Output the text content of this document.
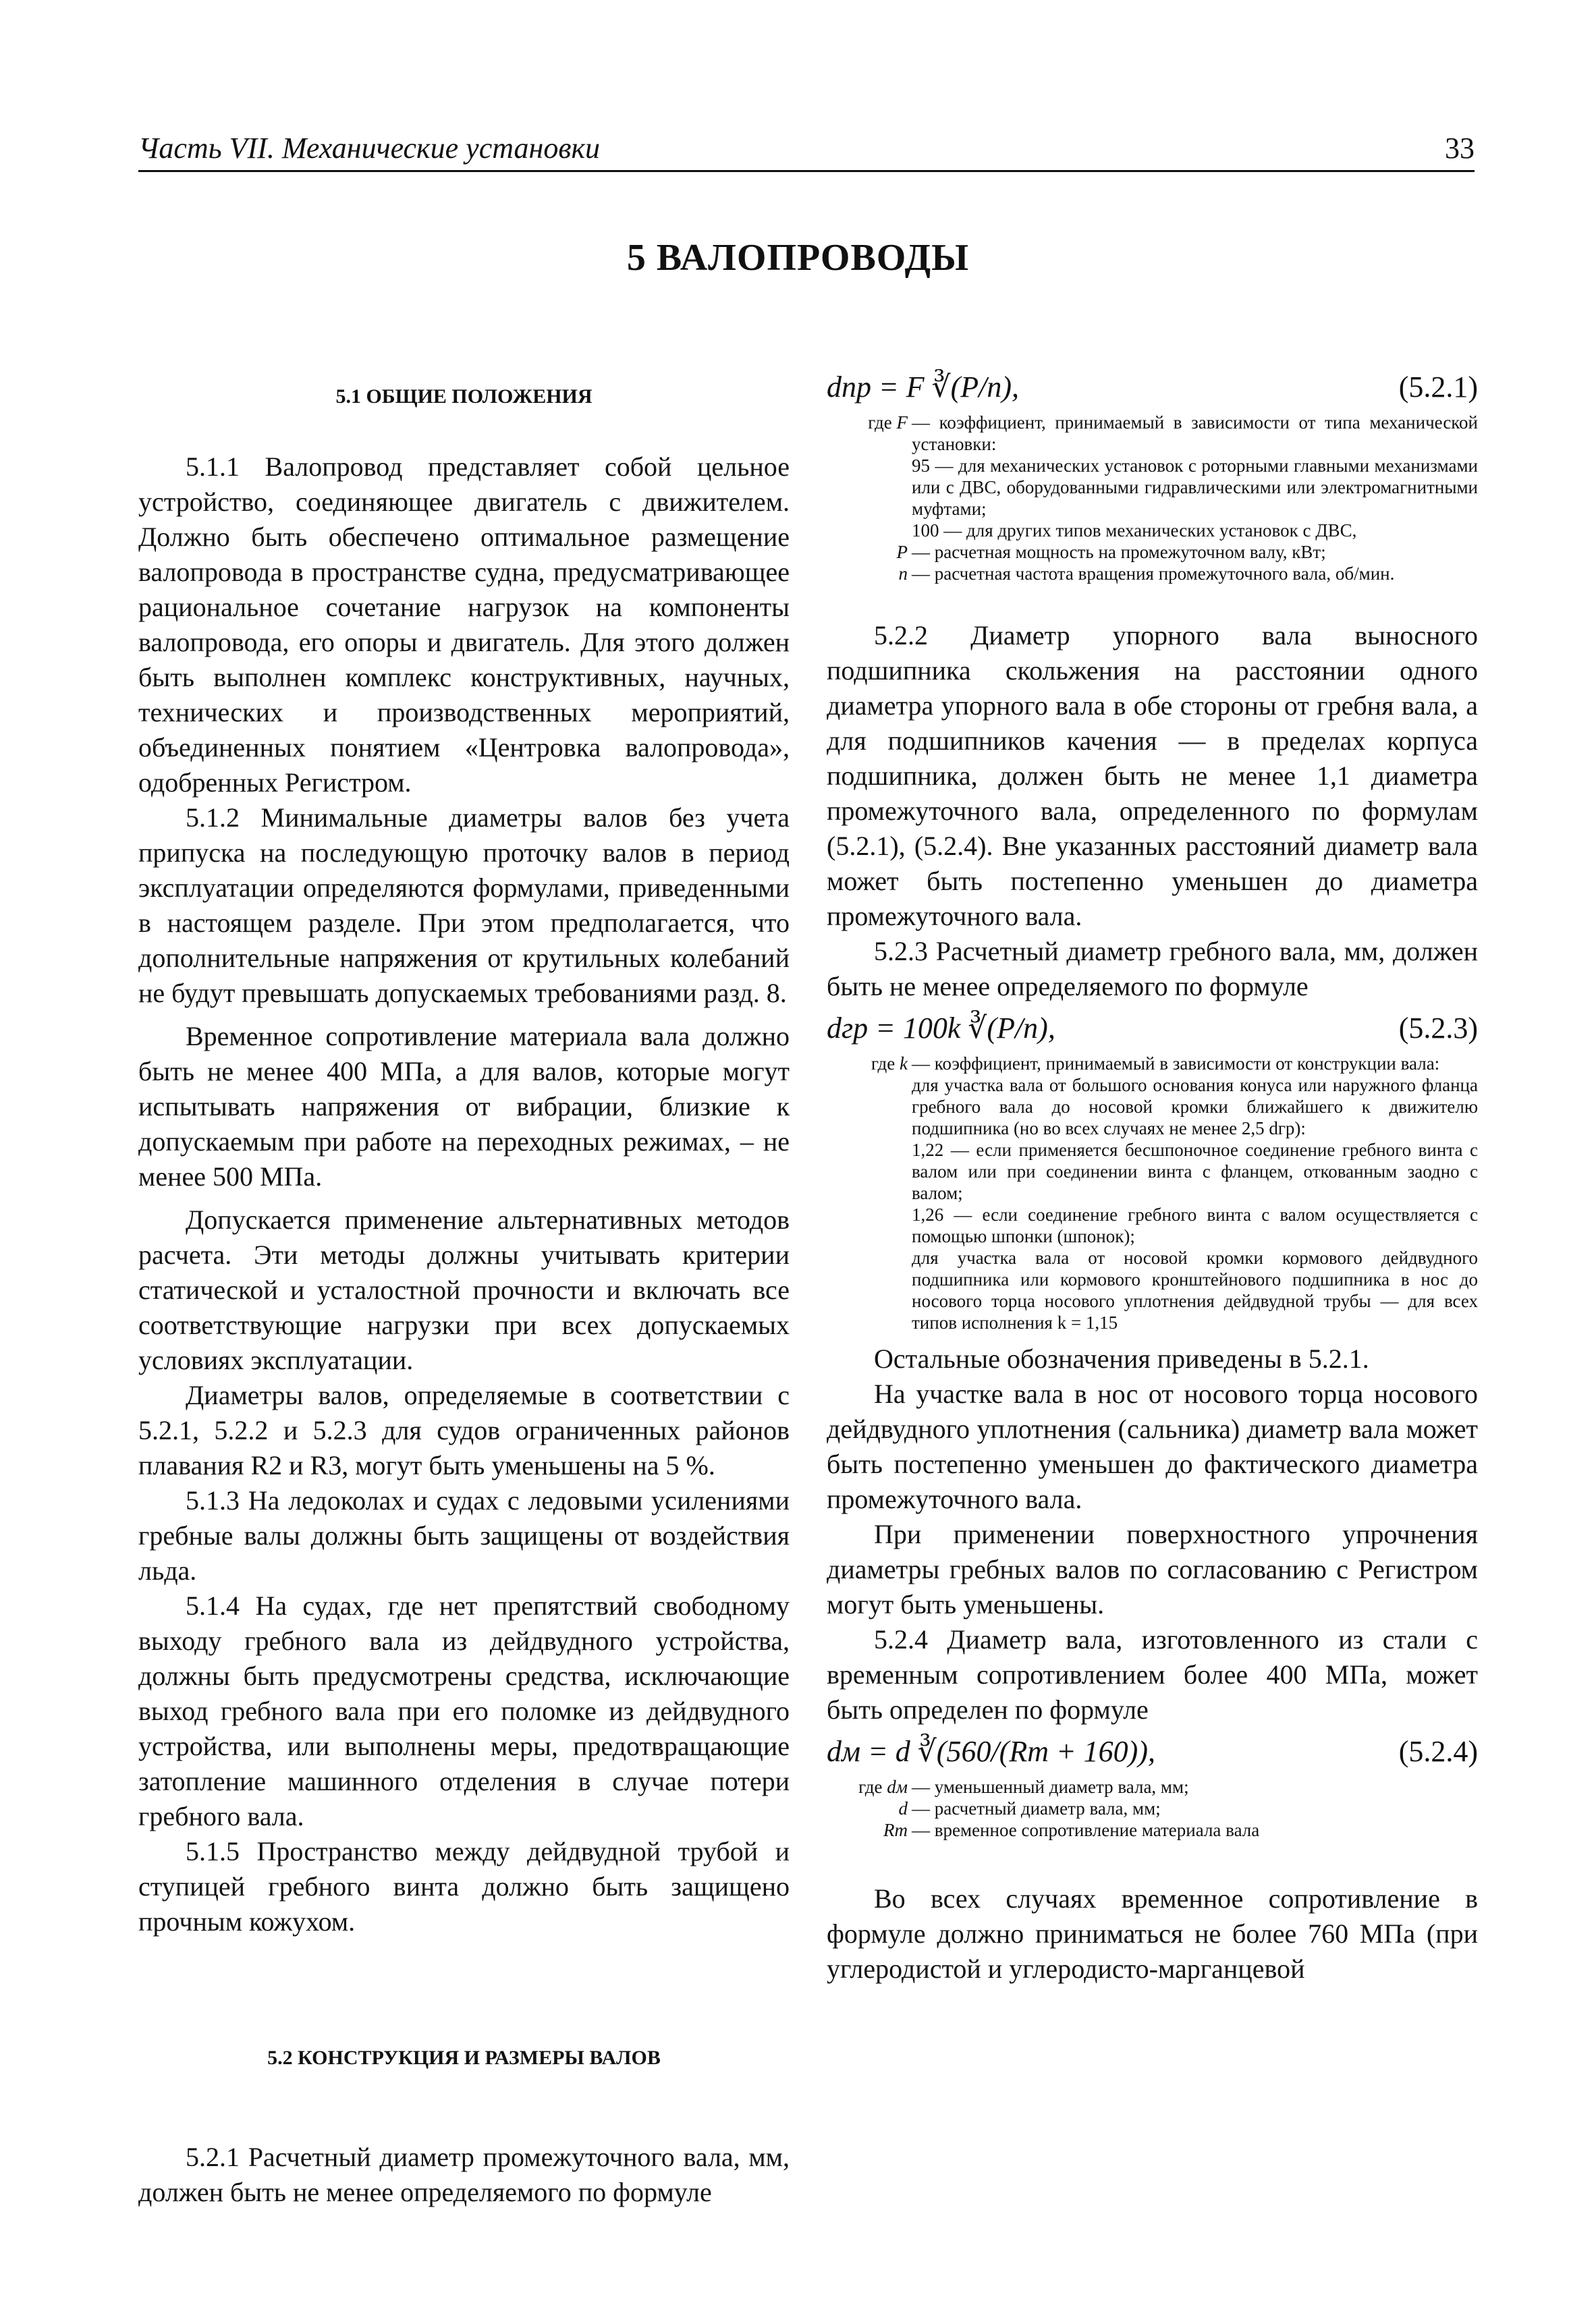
Часть VII. Механические установки	33
5 ВАЛОПРОВОДЫ
5.1 ОБЩИЕ ПОЛОЖЕНИЯ

5.1.1 Валопровод представляет собой цельное устройство, соединяющее двигатель с движителем. Должно быть обеспечено оптимальное размещение валопровода в пространстве судна, предусматривающее рациональное сочетание нагрузок на компоненты валопровода, его опоры и двигатель. Для этого должен быть выполнен комплекс конструктивных, научных, технических и производственных мероприятий, объединенных понятием «Центровка валопровода», одобренных Регистром.

5.1.2 Минимальные диаметры валов без учета припуска на последующую проточку валов в период эксплуатации определяются формулами, приведенными в настоящем разделе. При этом предполагается, что дополнительные напряжения от крутильных колебаний не будут превышать допускаемых требованиями разд. 8.

Временное сопротивление материала вала должно быть не менее 400 МПа, а для валов, которые могут испытывать напряжения от вибрации, близкие к допускаемым при работе на переходных режимах, – не менее 500 МПа.

Допускается применение альтернативных методов расчета. Эти методы должны учитывать критерии статической и усталостной прочности и включать все соответствующие нагрузки при всех допускаемых условиях эксплуатации.

Диаметры валов, определяемые в соответствии с 5.2.1, 5.2.2 и 5.2.3 для судов ограниченных районов плавания R2 и R3, могут быть уменьшены на 5 %.

5.1.3 На ледоколах и судах с ледовыми усилениями гребные валы должны быть защищены от воздействия льда.

5.1.4 На судах, где нет препятствий свободному выходу гребного вала из дейдвудного устройства, должны быть предусмотрены средства, исключающие выход гребного вала при его поломке из дейдвудного устройства, или выполнены меры, предотвращающие затопление машинного отделения в случае потери гребного вала.

5.1.5 Пространство между дейдвудной трубой и ступицей гребного винта должно быть защищено прочным кожухом.

5.2 КОНСТРУКЦИЯ И РАЗМЕРЫ ВАЛОВ

5.2.1 Расчетный диаметр промежуточного вала, мм, должен быть не менее определяемого по формуле

dпр = F ∛(P/n),	(5.2.1)
где F — коэффициент, принимаемый в зависимости от типа механической установки:
95 — для механических установок с роторными главными механизмами или с ДВС, оборудованными гидравлическими или электромагнитными муфтами;
100 — для других типов механических установок с ДВС,
P — расчетная мощность на промежуточном валу, кВт;
n — расчетная частота вращения промежуточного вала, об/мин.

5.2.2 Диаметр упорного вала выносного подшипника скольжения на расстоянии одного диаметра упорного вала в обе стороны от гребня вала, а для подшипников качения — в пределах корпуса подшипника, должен быть не менее 1,1 диаметра промежуточного вала, определенного по формулам (5.2.1), (5.2.4). Вне указанных расстояний диаметр вала может быть постепенно уменьшен до диаметра промежуточного вала.

5.2.3 Расчетный диаметр гребного вала, мм, должен быть не менее определяемого по формуле

dгр = 100k ∛(P/n),	(5.2.3)
где k — коэффициент, принимаемый в зависимости от конструкции вала:
для участка вала от большого основания конуса или наружного фланца гребного вала до носовой кромки ближайшего к движителю подшипника (но во всех случаях не менее 2,5 dгр):
1,22 — если применяется бесшпоночное соединение гребного винта с валом или при соединении винта с фланцем, откованным заодно с валом;
1,26 — если соединение гребного винта с валом осуществляется с помощью шпонки (шпонок);
для участка вала от носовой кромки кормового дейдвудного подшипника или кормового кронштейнового подшипника в нос до носового торца носового уплотнения дейдвудной трубы — для всех типов исполнения k = 1,15

Остальные обозначения приведены в 5.2.1.

На участке вала в нос от носового торца носового дейдвудного уплотнения (сальника) диаметр вала может быть постепенно уменьшен до фактического диаметра промежуточного вала.

При применении поверхностного упрочнения диаметры гребных валов по согласованию с Регистром могут быть уменьшены.

5.2.4 Диаметр вала, изготовленного из стали с временным сопротивлением более 400 МПа, может быть определен по формуле

dм = d ∛(560/(Rm + 160)),	(5.2.4)
где dм — уменьшенный диаметр вала, мм;
d — расчетный диаметр вала, мм;
Rm — временное сопротивление материала вала

Во всех случаях временное сопротивление в формуле должно приниматься не более 760 МПа (при углеродистой и углеродисто-марганцевой
